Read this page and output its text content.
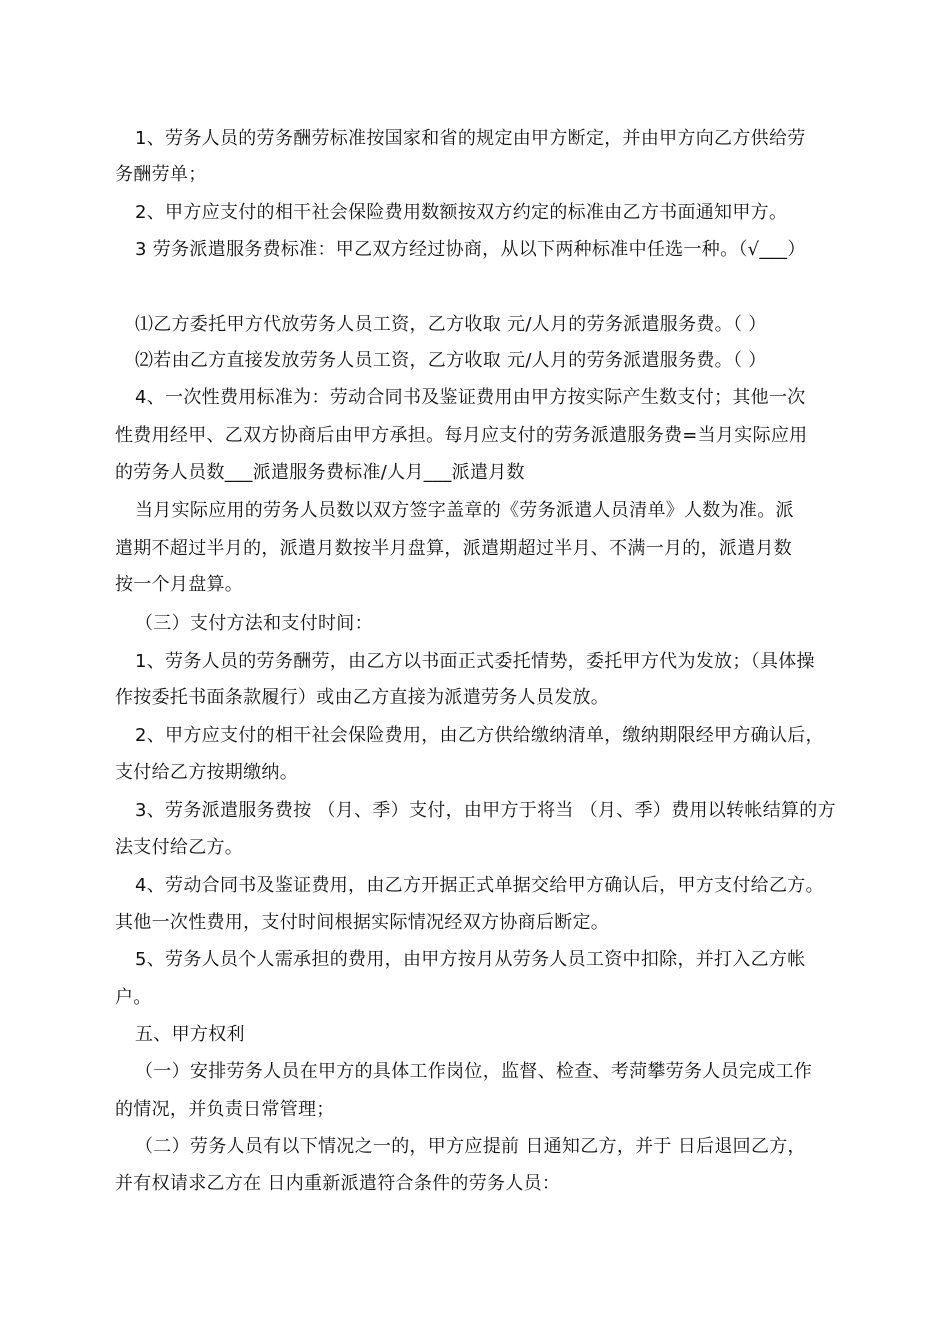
1、劳务人员的劳务酬劳标准按国家和省的规定由甲方断定，并由甲方向乙方供给劳
务酬劳单；
2、甲方应支付的相干社会保险费用数额按双方约定的标准由乙方书面通知甲方。
3 劳务派遣服务费标准：甲乙双方经过协商，从以下两种标准中任选一种。（√___）
⑴乙方委托甲方代放劳务人员工资，乙方收取 元/人月的劳务派遣服务费。（ ）
⑵若由乙方直接发放劳务人员工资，乙方收取 元/人月的劳务派遣服务费。（ ）
4、一次性费用标准为：劳动合同书及鉴证费用由甲方按实际产生数支付；其他一次
性费用经甲、乙双方协商后由甲方承担。每月应支付的劳务派遣服务费=当月实际应用
的劳务人员数___派遣服务费标准/人月___派遣月数
当月实际应用的劳务人员数以双方签字盖章的《劳务派遣人员清单》人数为准。派
遣期不超过半月的，派遣月数按半月盘算，派遣期超过半月、不满一月的，派遣月数
按一个月盘算。
（三）支付方法和支付时间：
1、劳务人员的劳务酬劳，由乙方以书面正式委托情势，委托甲方代为发放；（具体操
作按委托书面条款履行）或由乙方直接为派遣劳务人员发放。
2、甲方应支付的相干社会保险费用，由乙方供给缴纳清单，缴纳期限经甲方确认后，
支付给乙方按期缴纳。
3、劳务派遣服务费按 （月、季）支付，由甲方于将当 （月、季）费用以转帐结算的方
法支付给乙方。
4、劳动合同书及鉴证费用，由乙方开据正式单据交给甲方确认后，甲方支付给乙方。
其他一次性费用，支付时间根据实际情况经双方协商后断定。
5、劳务人员个人需承担的费用，由甲方按月从劳务人员工资中扣除，并打入乙方帐
户。
五、甲方权利
（一）安排劳务人员在甲方的具体工作岗位，监督、检查、考菏攀劳务人员完成工作
的情况，并负责日常管理；
（二）劳务人员有以下情况之一的，甲方应提前 日通知乙方，并于 日后退回乙方，
并有权请求乙方在 日内重新派遣符合条件的劳务人员：
